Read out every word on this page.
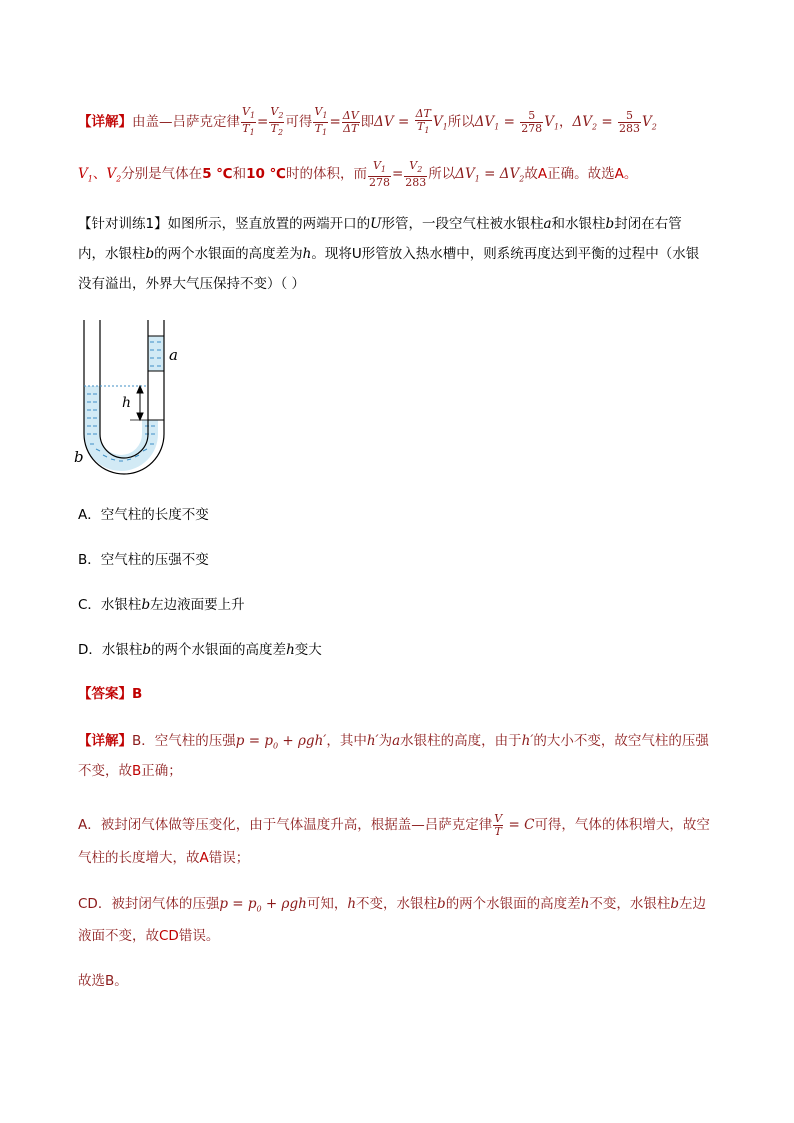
【详解】由盖—吕萨克定律 $\frac{V_1}{T_1} = \frac{V_2}{T_2}$ 可得 $\frac{V_1}{T_1} = \frac{\Delta V}{\Delta T}$ 即$\Delta V = \frac{\Delta T}{T_1} V_1$所以$\Delta V_1 = \frac{5}{278} V_1$，$\Delta V_2 = \frac{5}{283} V_2$
$V_1$、$V_2$分别是气体在5 ℃和10 ℃时的体积，而 $\frac{V_1}{278} = \frac{V_2}{283}$ 所以$\Delta V_1 = \Delta V_2$故A正确。故选A。
【针对训练1】如图所示，竖直放置的两端开口的U形管，一段空气柱被水银柱a和水银柱b封闭在右管
内，水银柱b的两个水银面的高度差为h。现将U形管放入热水槽中，则系统再度达到平衡的过程中（水银
没有溢出，外界大气压保持不变）（ ）
h
a
b
A．空气柱的长度不变
B．空气柱的压强不变
C．水银柱b左边液面要上升
D．水银柱b的两个水银面的高度差h变大
【答案】B
【详解】B．空气柱的压强$p = p_0 + \rho gh'$，其中h′为a水银柱的高度，由于h′的大小不变，故空气柱的压强
不变，故B正确；
A．被封闭气体做等压变化，由于气体温度升高，根据盖—吕萨克定律 $\frac{V}{T} = C$可得，气体的体积增大，故空
气柱的长度增大，故A错误；
CD．被封闭气体的压强$p = p_0 + \rho gh$可知，h不变，水银柱b的两个水银面的高度差h不变，水银柱b左边
液面不变，故CD错误。
故选B。
